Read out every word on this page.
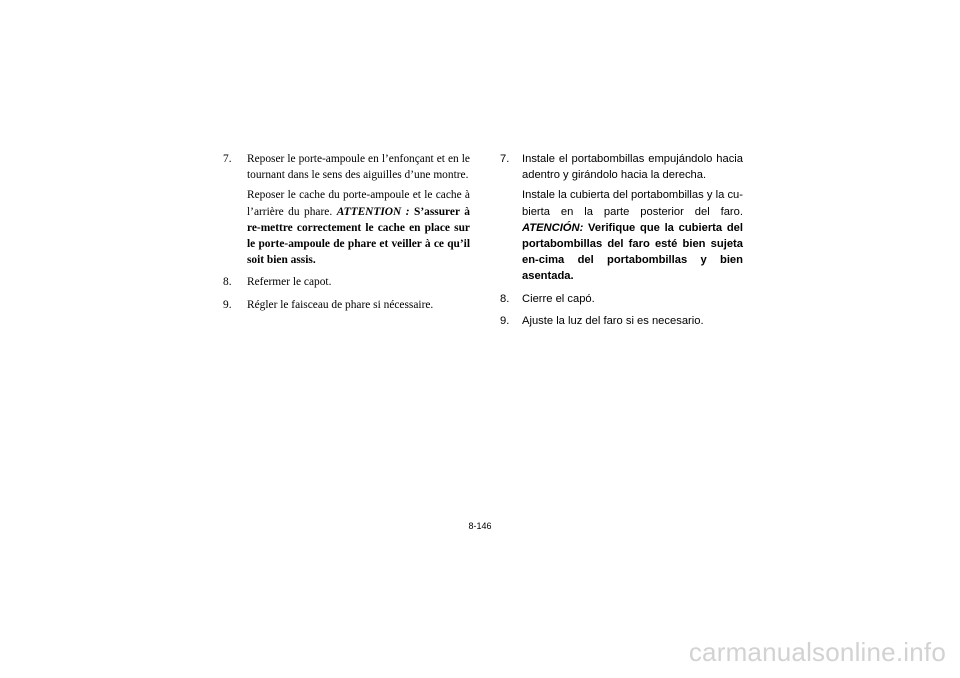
7. Reposer le porte-ampoule en l’enfonçant et en le tournant dans le sens des aiguilles d’une montre.

Reposer le cache du porte-ampoule et le cache à l’arrière du phare. ATTENTION : S’assurer à re-mettre correctement le cache en place sur le porte-ampoule de phare et veiller à ce qu’il soit bien assis.

8. Refermer le capot.

9. Régler le faisceau de phare si nécessaire.

7. Instale el portabombillas empujándolo hacia adentro y girándolo hacia la derecha.

Instale la cubierta del portabombillas y la cu-bierta en la parte posterior del faro. ATENCIÓN: Verifique que la cubierta del portabombillas del faro esté bien sujeta en-cima del portabombillas y bien asentada.

8. Cierre el capó.

9. Ajuste la luz del faro si es necesario.

8-146
carmanualsonline.info
